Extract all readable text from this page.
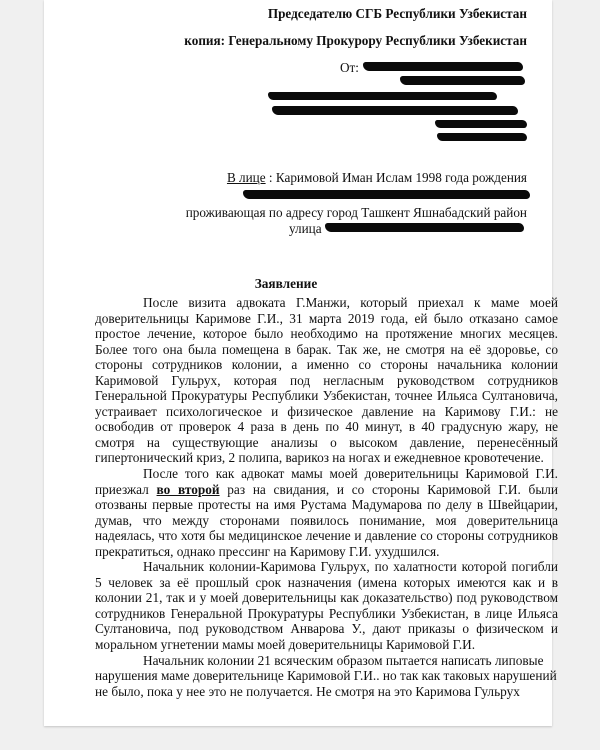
Председателю СГБ Республики Узбекистан
копия: Генеральному Прокурору Республики Узбекистан
От:
В лице : Каримовой Иман Ислам 1998 года рождения
проживающая по адресу город Ташкент Яшнабадский район
улица
Заявление

После визита адвоката Г.Манжи, который приехал к маме моей доверительницы Каримове Г.И., 31 марта 2019 года, ей было отказано самое простое лечение, которое было необходимо на протяжение многих месяцев. Более того она была помещена в барак. Так же, не смотря на её здоровье, со стороны сотрудников колонии, а именно со стороны начальника колонии Каримовой Гульрух, которая под негласным руководством сотрудников Генеральной Прокуратуры Республики Узбекистан, точнее Ильяса Султановича, устраивает психологическое и физическое давление на Каримову Г.И.: не освободив от проверок 4 раза в день по 40 минут, в 40 градусную жару, не смотря на существующие анализы о высоком давление, перенесённый гипертонический криз, 2 полипа, варикоз на ногах и ежедневное кровотечение.

После того как адвокат мамы моей доверительницы Каримовой Г.И. приезжал во второй раз на свидания, и со стороны Каримовой Г.И. были отозваны первые протесты на имя Рустама Мадумарова по делу в Швейцарии, думав, что между сторонами появилось понимание, моя доверительница надеялась, что хотя бы медицинское лечение и давление со стороны сотрудников прекратиться, однако прессинг на Каримову Г.И. ухудшился.

Начальник колонии-Каримова Гульрух, по халатности которой погибли 5 человек за её прошлый срок назначения (имена которых имеются как и в колонии 21, так и у моей доверительницы как доказательство) под руководством сотрудников Генеральной Прокуратуры Республики Узбекистан, в лице Ильяса Султановича, под руководством Анварова У., дают приказы о физическом и моральном угнетении мамы моей доверительницы Каримовой Г.И.

Начальник колонии 21 всяческим образом пытается написать липовые нарушения маме доверительнице Каримовой Г.И.. но так как таковых нарушений не было, пока у нее это не получается. Не смотря на это Каримова Гульрух
